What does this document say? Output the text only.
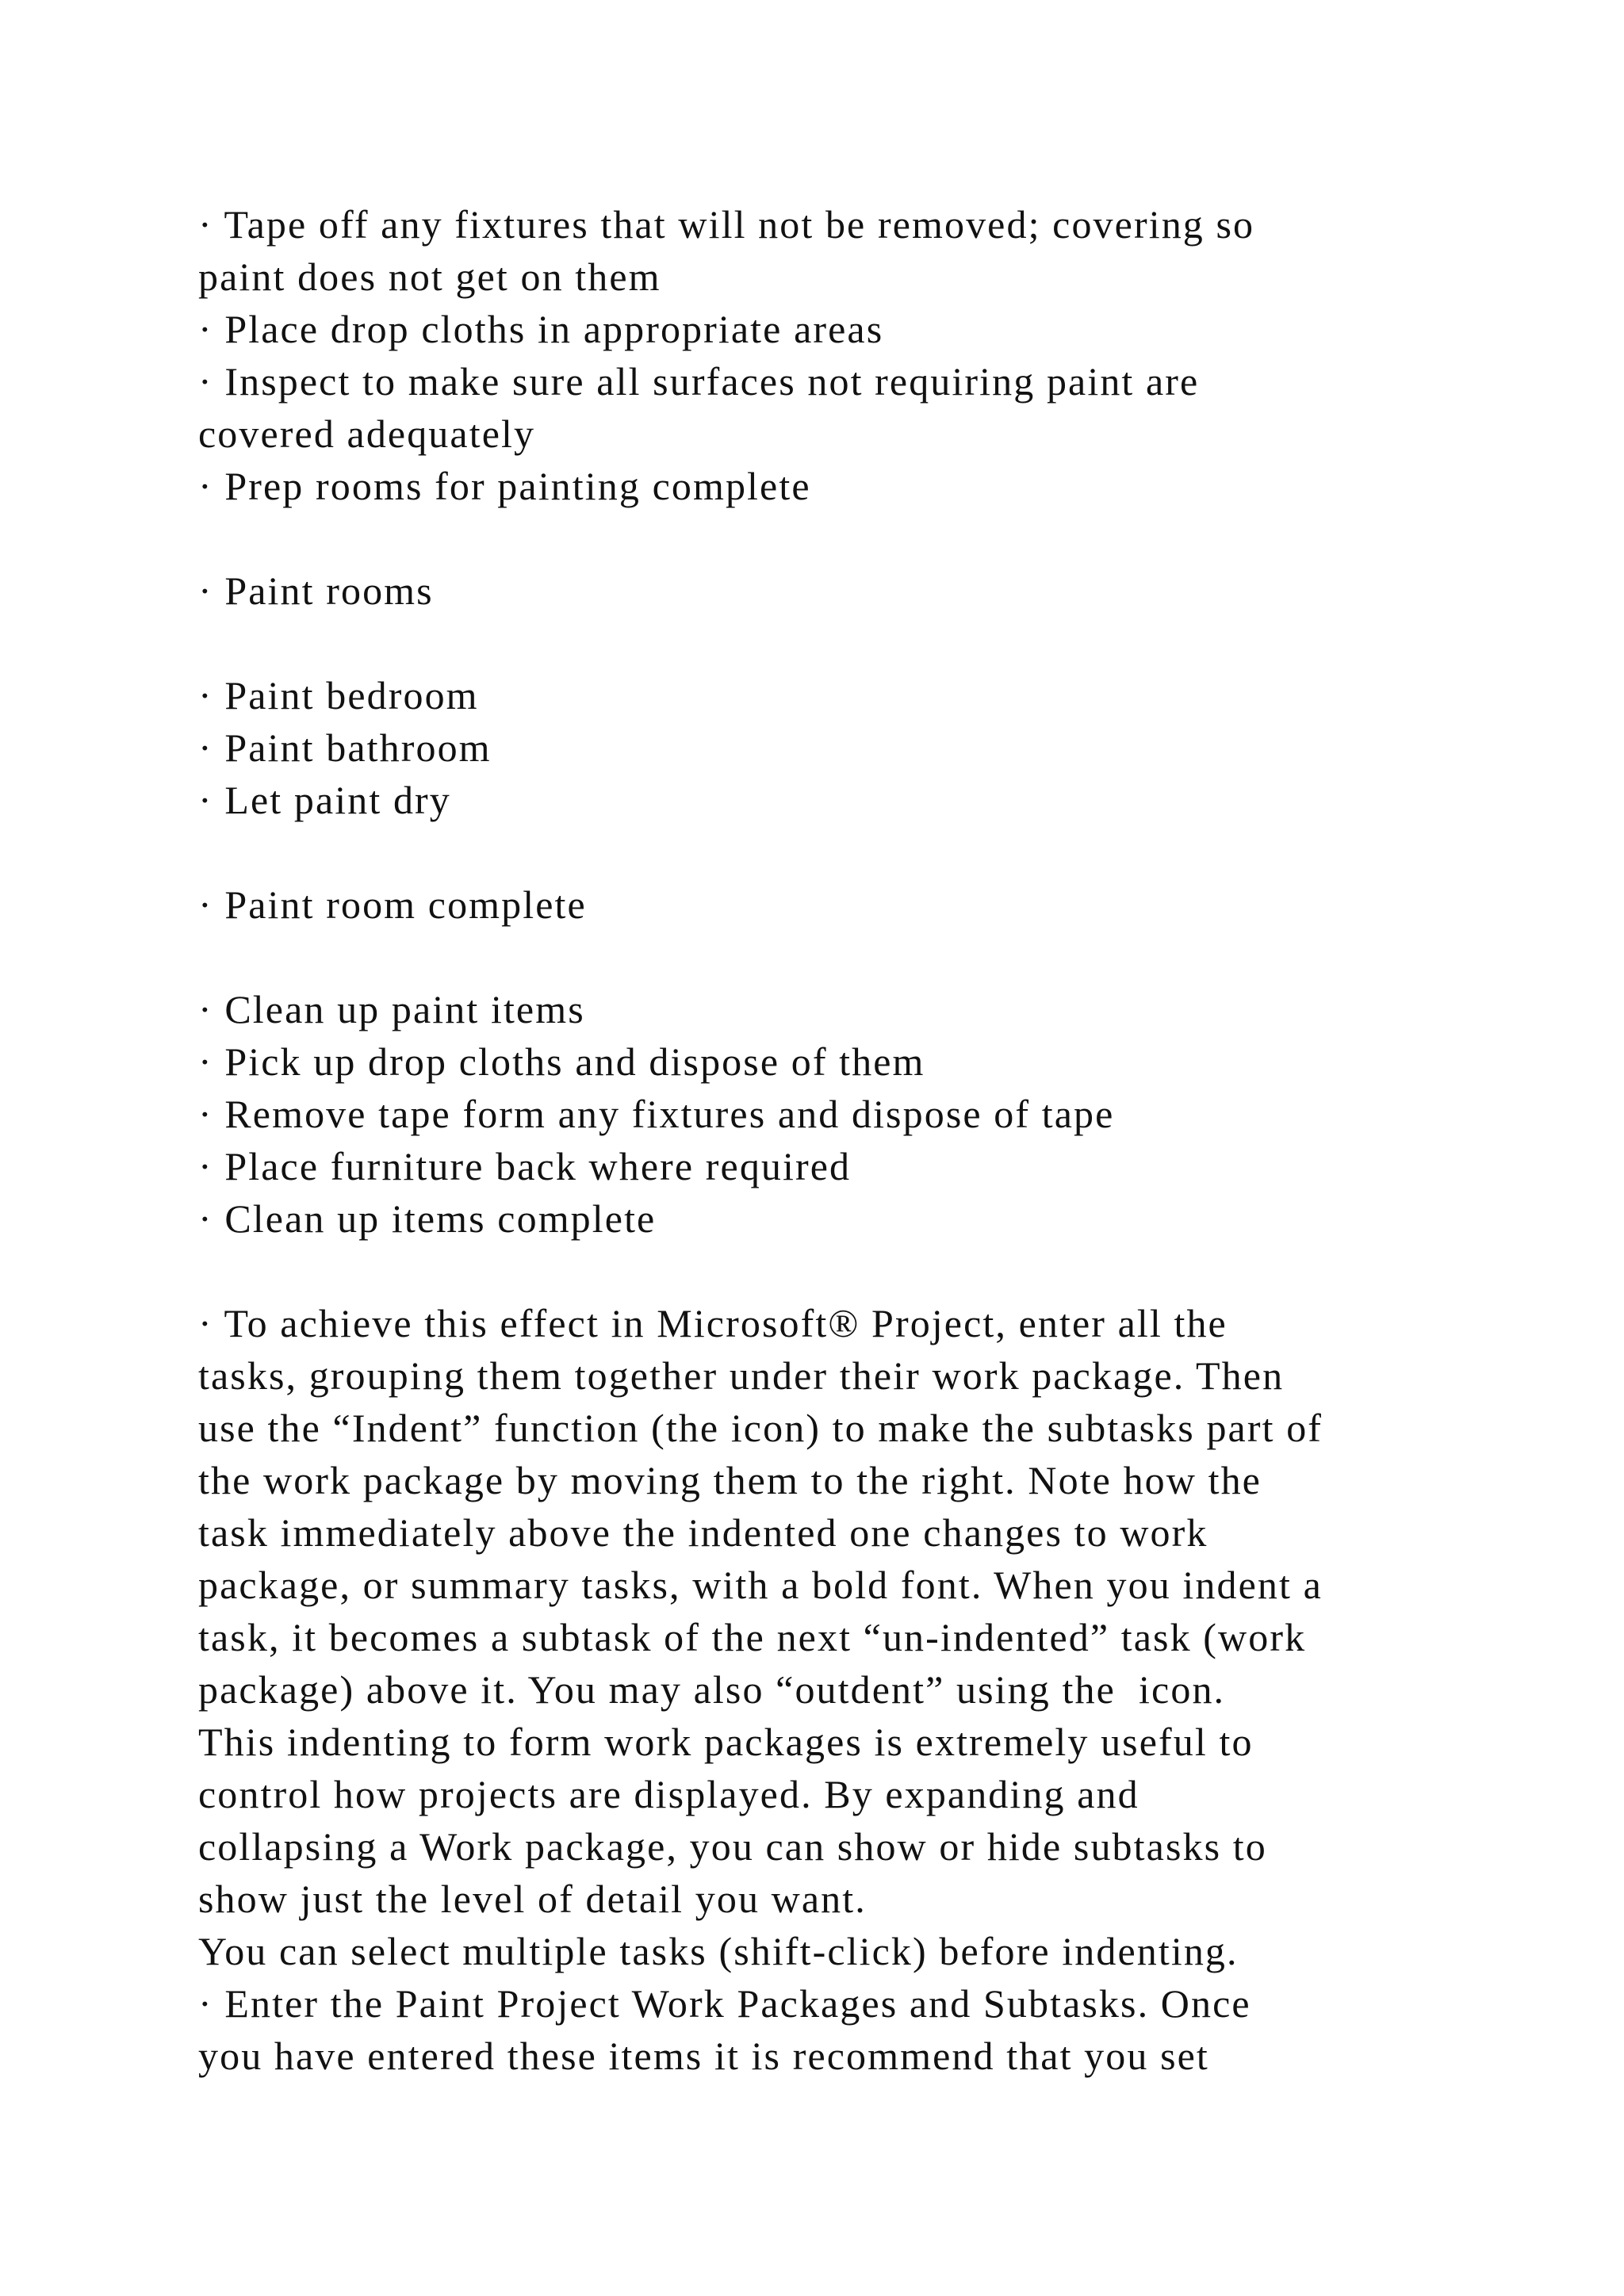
· Tape off any fixtures that will not be removed; covering so
paint does not get on them
· Place drop cloths in appropriate areas
· Inspect to make sure all surfaces not requiring paint are
covered adequately
· Prep rooms for painting complete
· Paint rooms
· Paint bedroom
· Paint bathroom
· Let paint dry
· Paint room complete
· Clean up paint items
· Pick up drop cloths and dispose of them
· Remove tape form any fixtures and dispose of tape
· Place furniture back where required
· Clean up items complete
· To achieve this effect in Microsoft® Project, enter all the
tasks, grouping them together under their work package. Then
use the “Indent” function (the icon) to make the subtasks part of
the work package by moving them to the right. Note how the
task immediately above the indented one changes to work
package, or summary tasks, with a bold font. When you indent a
task, it becomes a subtask of the next “un-indented” task (work
package) above it. You may also “outdent” using the  icon.
This indenting to form work packages is extremely useful to
control how projects are displayed. By expanding and
collapsing a Work package, you can show or hide subtasks to
show just the level of detail you want.
You can select multiple tasks (shift-click) before indenting.
· Enter the Paint Project Work Packages and Subtasks. Once
you have entered these items it is recommend that you set
